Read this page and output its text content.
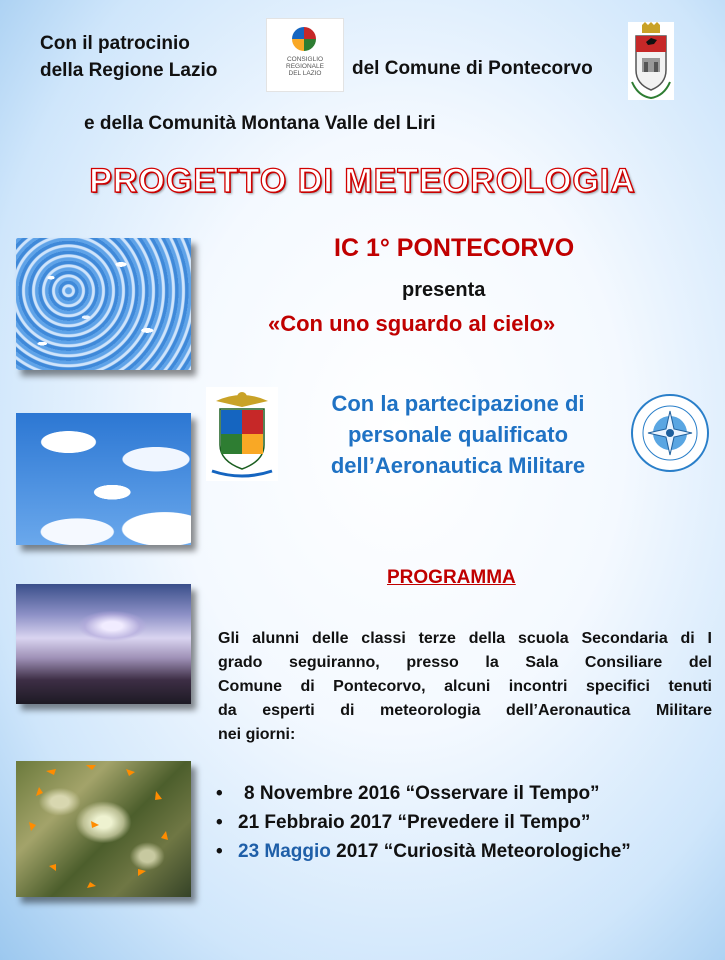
Con il patrocinio
della Regione Lazio
CONSIGLIO
REGIONALE
DEL LAZIO	del Comune di Pontecorvo
e della Comunità Montana Valle del Liri
PROGETTO DI METEOROLOGIA
IC 1° PONTECORVO
presenta
«Con uno sguardo al cielo»
Con la partecipazione di
personale qualificato
dell’Aeronautica Militare
PROGRAMMA
Gli alunni delle classi terze della scuola Secondaria di I
grado seguiranno, presso la Sala Consiliare del
Comune di Pontecorvo, alcuni incontri specifici tenuti
da esperti di meteorologia dell’Aeronautica Militare
nei giorni:
• 8 Novembre 2016 “Osservare il Tempo”
• 21 Febbraio 2017 “Prevedere il Tempo”
• 23 Maggio 2017 “Curiosità Meteorologiche”
